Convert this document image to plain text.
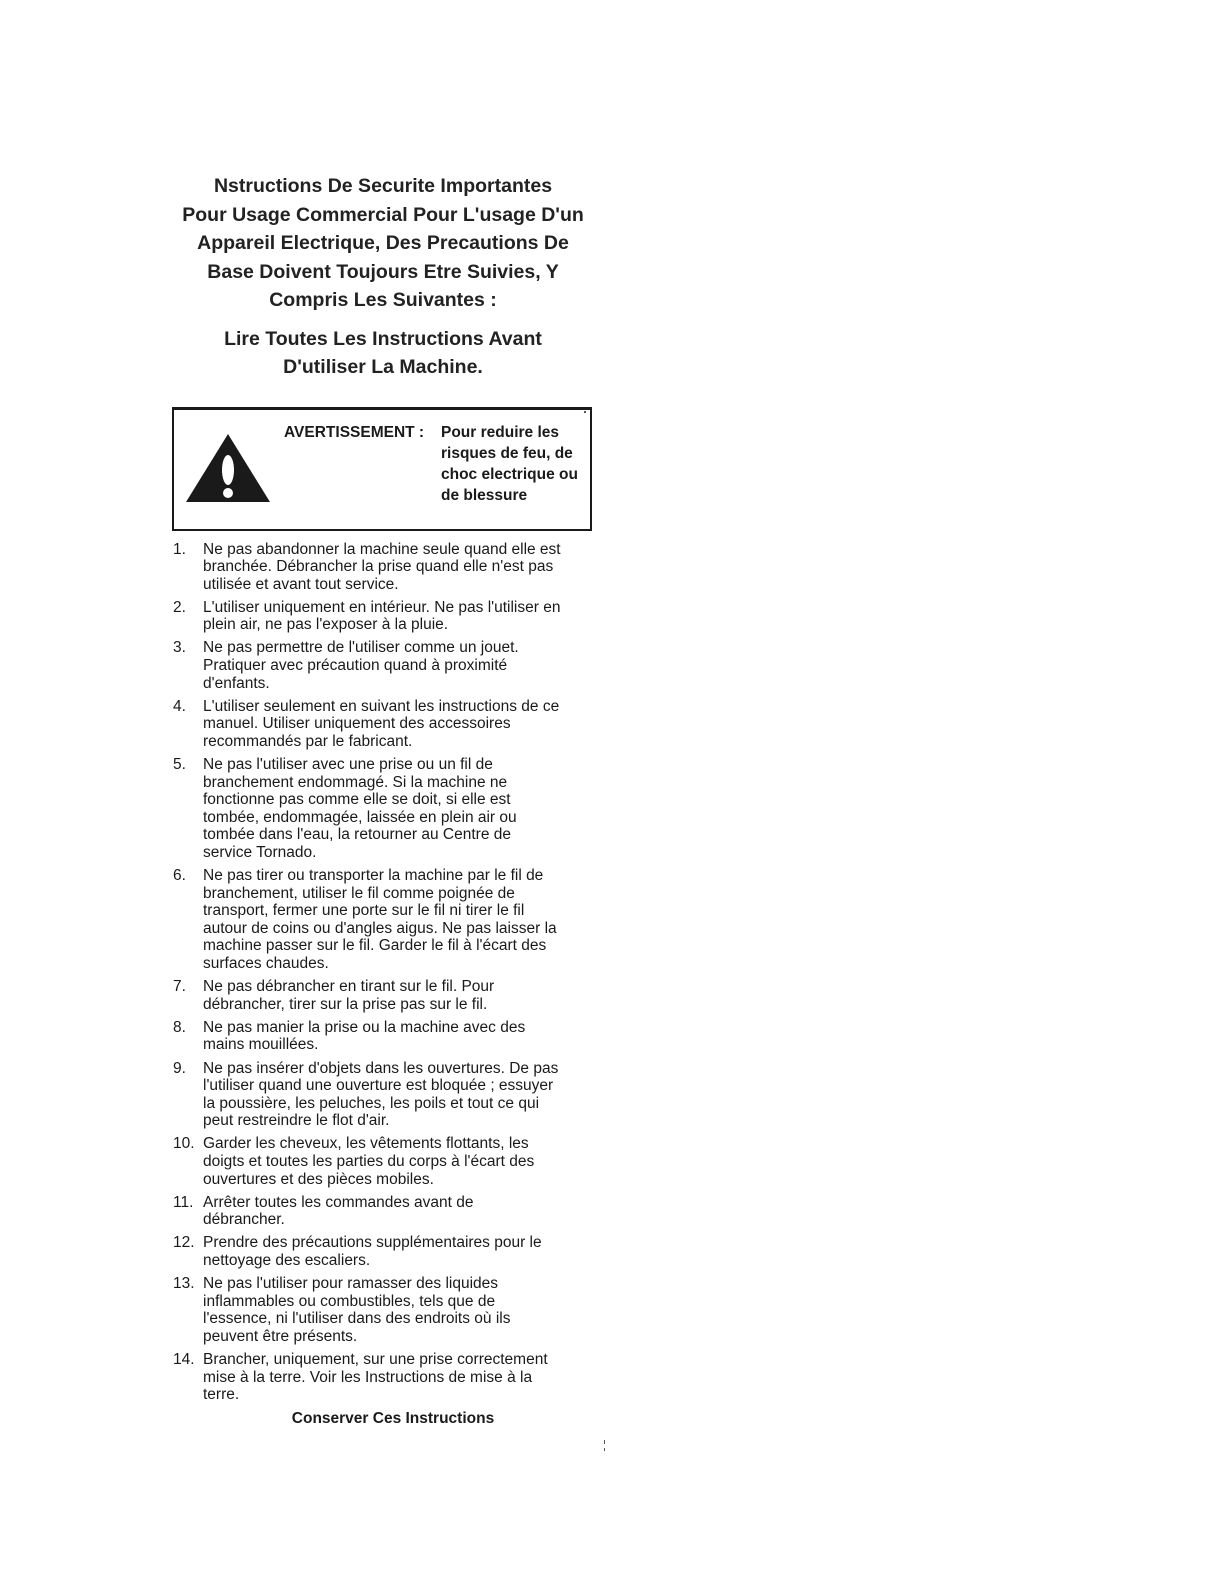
Nstructions De Securite Importantes
Pour Usage Commercial Pour L'usage D'un
Appareil Electrique, Des Precautions De
Base Doivent Toujours Etre Suivies, Y
Compris Les Suivantes :
Lire Toutes Les Instructions Avant
D'utiliser La Machine.
AVERTISSEMENT : Pour reduire les
risques de feu, de
choc electrique ou
de blessure
1.	Ne pas abandonner la machine seule quand elle est
branchée. Débrancher la prise quand elle n'est pas
utilisée et avant tout service.
2.	L'utiliser uniquement en intérieur. Ne pas l'utiliser en
plein air, ne pas l'exposer à la pluie.
3.	Ne pas permettre de l'utiliser comme un jouet.
Pratiquer avec précaution quand à proximité
d'enfants.
4.	L'utiliser seulement en suivant les instructions de ce
manuel. Utiliser uniquement des accessoires
recommandés par le fabricant.
5.	Ne pas l'utiliser avec une prise ou un fil de
branchement endommagé. Si la machine ne
fonctionne pas comme elle se doit, si elle est
tombée, endommagée, laissée en plein air ou
tombée dans l'eau, la retourner au Centre de
service Tornado.
6.	Ne pas tirer ou transporter la machine par le fil de
branchement, utiliser le fil comme poignée de
transport, fermer une porte sur le fil ni tirer le fil
autour de coins ou d'angles aigus. Ne pas laisser la
machine passer sur le fil. Garder le fil à l'écart des
surfaces chaudes.
7.	Ne pas débrancher en tirant sur le fil. Pour
débrancher, tirer sur la prise pas sur le fil.
8.	Ne pas manier la prise ou la machine avec des
mains mouillées.
9.	Ne pas insérer d'objets dans les ouvertures. De pas
l'utiliser quand une ouverture est bloquée ; essuyer
la poussière, les peluches, les poils et tout ce qui
peut restreindre le flot d'air.
10. Garder les cheveux, les vêtements flottants, les
doigts et toutes les parties du corps à l'écart des
ouvertures et des pièces mobiles.
11. Arrêter toutes les commandes avant de
débrancher.
12. Prendre des précautions supplémentaires pour le
nettoyage des escaliers.
13. Ne pas l'utiliser pour ramasser des liquides
inflammables ou combustibles, tels que de
l'essence, ni l'utiliser dans des endroits où ils
peuvent être présents.
14. Brancher, uniquement, sur une prise correctement
mise à la terre. Voir les Instructions de mise à la
terre.
Conserver Ces Instructions
